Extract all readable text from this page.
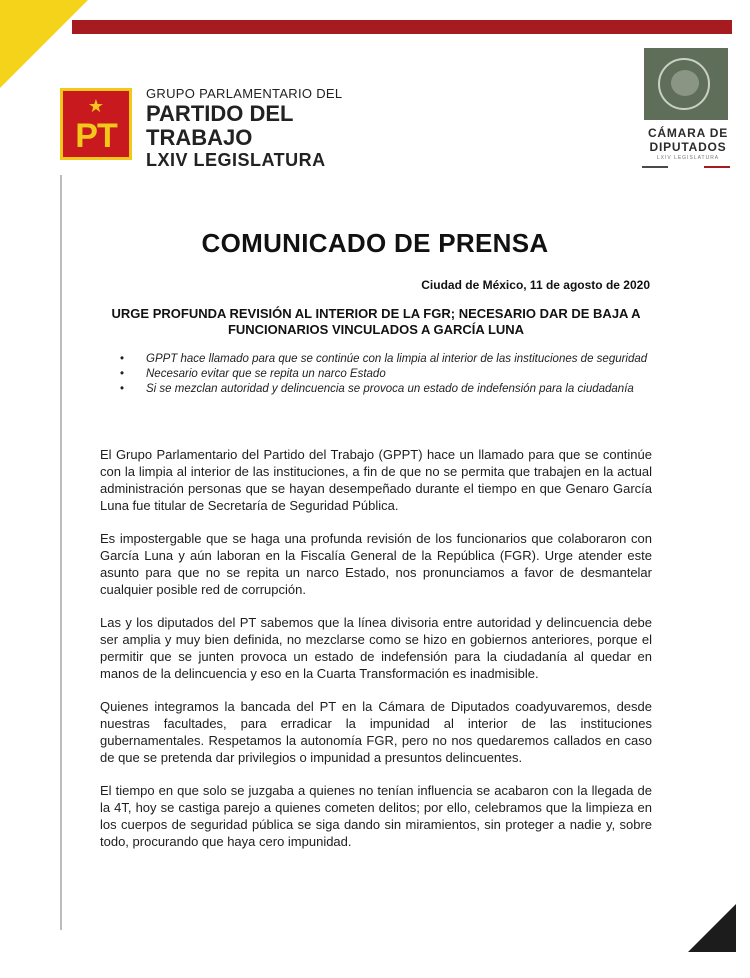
★
PT
GRUPO PARLAMENTARIO DEL
PARTIDO DEL
TRABAJO
LXIV LEGISLATURA
CÁMARA DE
DIPUTADOS
LXIV LEGISLATURA
COMUNICADO DE PRENSA
Ciudad de México, 11 de agosto de 2020
URGE PROFUNDA REVISIÓN AL INTERIOR DE LA FGR; NECESARIO DAR DE BAJA A FUNCIONARIOS VINCULADOS A GARCÍA LUNA
• GPPT hace llamado para que se continúe con la limpia al interior de las instituciones de seguridad
• Necesario evitar que se repita un narco Estado
• Si se mezclan autoridad y delincuencia se provoca un estado de indefensión para la ciudadanía

El Grupo Parlamentario del Partido del Trabajo (GPPT) hace un llamado para que se continúe con la limpia al interior de las instituciones, a fin de que no se permita que trabajen en la actual administración personas que se hayan desempeñado durante el tiempo en que Genaro García Luna fue titular de Secretaría de Seguridad Pública.

Es impostergable que se haga una profunda revisión de los funcionarios que colaboraron con García Luna y aún laboran en la Fiscalía General de la República (FGR). Urge atender este asunto para que no se repita un narco Estado, nos pronunciamos a favor de desmantelar cualquier posible red de corrupción.

Las y los diputados del PT sabemos que la línea divisoria entre autoridad y delincuencia debe ser amplia y muy bien definida, no mezclarse como se hizo en gobiernos anteriores, porque el permitir que se junten provoca un estado de indefensión para la ciudadanía al quedar en manos de la delincuencia y eso en la Cuarta Transformación es inadmisible.

Quienes integramos la bancada del PT en la Cámara de Diputados coadyuvaremos, desde nuestras facultades, para erradicar la impunidad al interior de las instituciones gubernamentales. Respetamos la autonomía FGR, pero no nos quedaremos callados en caso de que se pretenda dar privilegios o impunidad a presuntos delincuentes.

El tiempo en que solo se juzgaba a quienes no tenían influencia se acabaron con la llegada de la 4T, hoy se castiga parejo a quienes cometen delitos; por ello, celebramos que la limpieza en los cuerpos de seguridad pública se siga dando sin miramientos, sin proteger a nadie y, sobre todo, procurando que haya cero impunidad.
